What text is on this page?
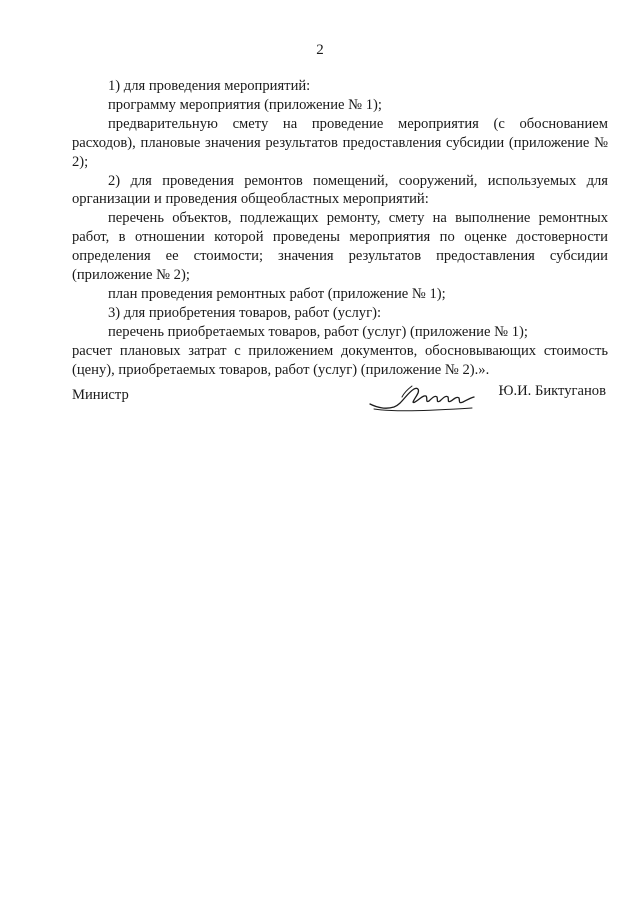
2

1) для проведения мероприятий:

программу мероприятия (приложение № 1);

предварительную смету на проведение мероприятия (с обоснованием расходов), плановые значения результатов предоставления субсидии (приложение № 2);

2) для проведения ремонтов помещений, сооружений, используемых для организации и проведения общеобластных мероприятий:

перечень объектов, подлежащих ремонту, смету на выполнение ремонтных работ, в отношении которой проведены мероприятия по оценке достоверности определения ее стоимости; значения результатов предоставления субсидии (приложение № 2);

план проведения ремонтных работ (приложение № 1);

3) для приобретения товаров, работ (услуг):

перечень приобретаемых товаров, работ (услуг) (приложение № 1);

расчет плановых затрат с приложением документов, обосновывающих стоимость (цену), приобретаемых товаров, работ (услуг) (приложение № 2).».

Министр	Ю.И. Биктуганов
